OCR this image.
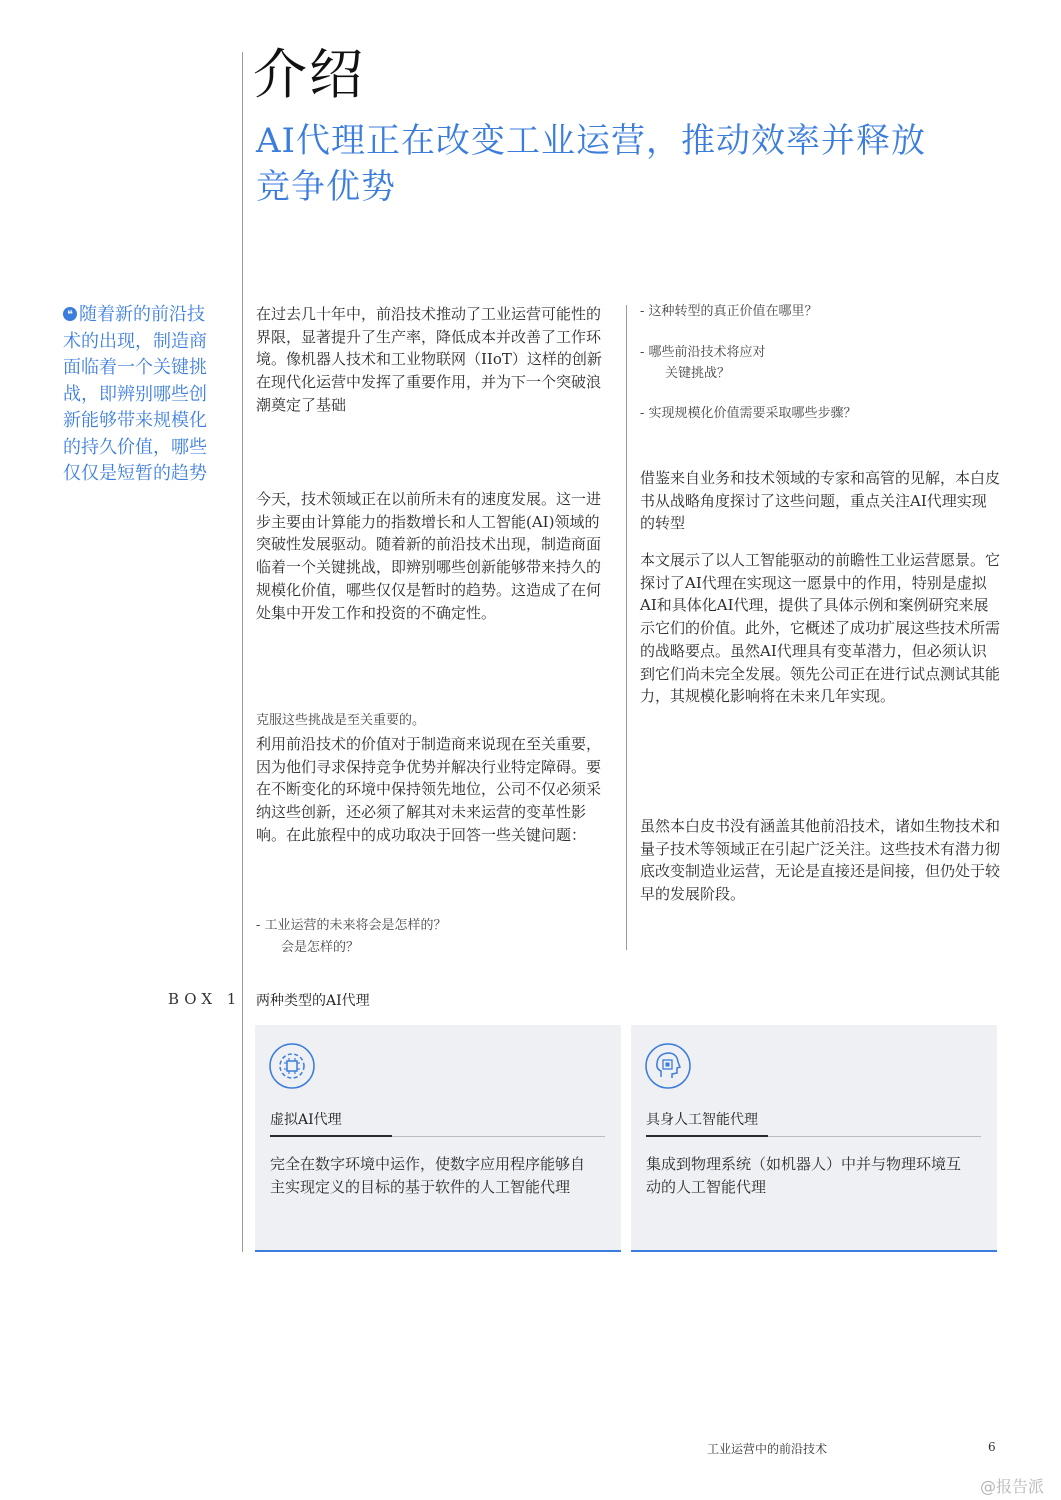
介绍
AI代理正在改变工业运营，推动效率并释放竞争优势
❝ 随着新的前沿技术的出现，制造商面临着一个关键挑战，即辨别哪些创新能够带来规模化的持久价值，哪些仅仅是短暂的趋势
在过去几十年中，前沿技术推动了工业运营可能性的界限，显著提升了生产率，降低成本并改善了工作环境。像机器人技术和工业物联网（IIoT）这样的创新在现代化运营中发挥了重要作用，并为下一个突破浪潮奠定了基础
今天，技术领域正在以前所未有的速度发展。这一进步主要由计算能力的指数增长和人工智能(AI)领域的突破性发展驱动。随着新的前沿技术出现，制造商面临着一个关键挑战，即辨别哪些创新能够带来持久的规模化价值，哪些仅仅是暂时的趋势。这造成了在何处集中开发工作和投资的不确定性。
克服这些挑战是至关重要的。
利用前沿技术的价值对于制造商来说现在至关重要，因为他们寻求保持竞争优势并解决行业特定障碍。要在不断变化的环境中保持领先地位，公司不仅必须采纳这些创新，还必须了解其对未来运营的变革性影响。在此旅程中的成功取决于回答一些关键问题：
- 工业运营的未来将会是怎样的？
会是怎样的？
- 这种转型的真正价值在哪里？
- 哪些前沿技术将应对
关键挑战？
- 实现规模化价值需要采取哪些步骤？
借鉴来自业务和技术领域的专家和高管的见解，本白皮书从战略角度探讨了这些问题，重点关注AI代理实现的转型
本文展示了以人工智能驱动的前瞻性工业运营愿景。它探讨了AI代理在实现这一愿景中的作用，特别是虚拟AI和具体化AI代理，提供了具体示例和案例研究来展示它们的价值。此外，它概述了成功扩展这些技术所需的战略要点。虽然AI代理具有变革潜力，但必须认识到它们尚未完全发展。领先公司正在进行试点测试其能力，其规模化影响将在未来几年实现。
虽然本白皮书没有涵盖其他前沿技术，诸如生物技术和量子技术等领域正在引起广泛关注。这些技术有潜力彻底改变制造业运营，无论是直接还是间接，但仍处于较早的发展阶段。
BOX 1 两种类型的AI代理
虚拟AI代理
完全在数字环境中运作，使数字应用程序能够自主实现定义的目标的基于软件的人工智能代理
具身人工智能代理
集成到物理系统（如机器人）中并与物理环境互动的人工智能代理
工业运营中的前沿技术	6
@报告派
